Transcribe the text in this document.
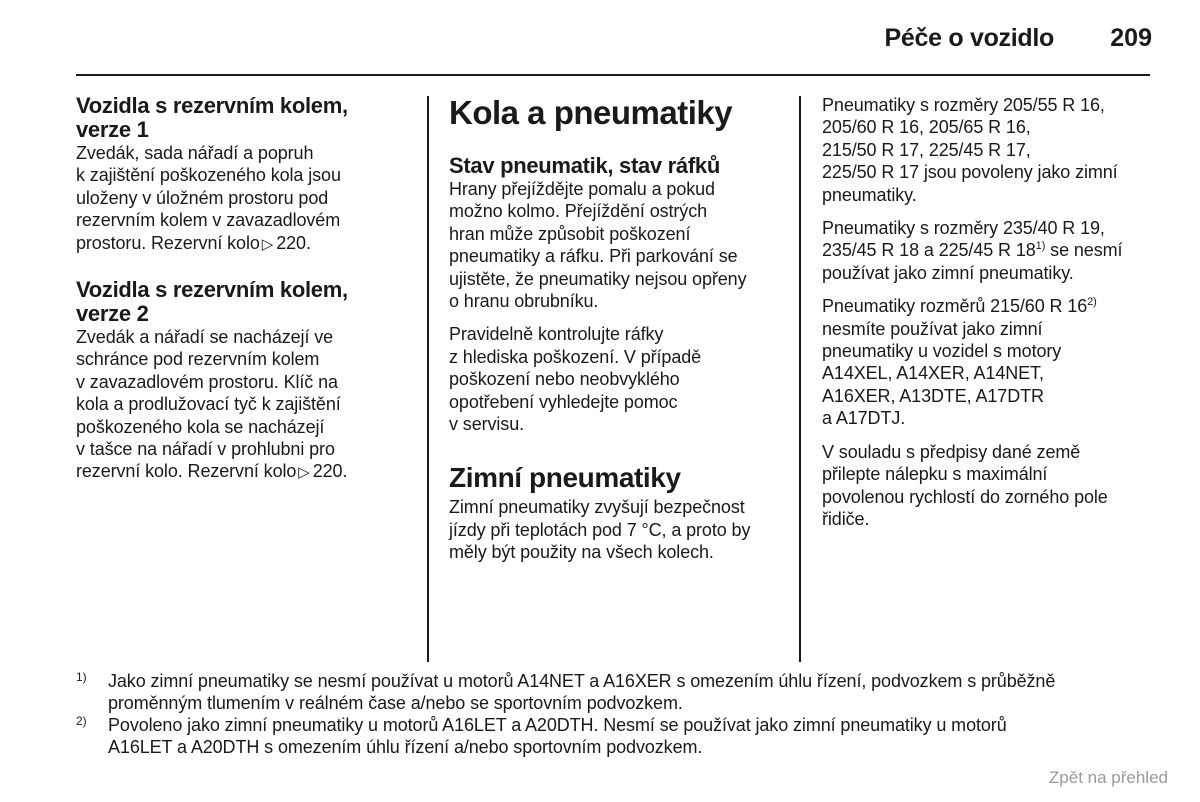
Péče o vozidlo 209
Vozidla s rezervním kolem,
verze 1
Zvedák, sada nářadí a popruh
k zajištění poškozeného kola jsou
uloženy v úložném prostoru pod
rezervním kolem v zavazadlovém
prostoru. Rezervní kolo ▷ 220.
Vozidla s rezervním kolem,
verze 2
Zvedák a nářadí se nacházejí ve
schránce pod rezervním kolem
v zavazadlovém prostoru. Klíč na
kola a prodlužovací tyč k zajištění
poškozeného kola se nacházejí
v tašce na nářadí v prohlubni pro
rezervní kolo. Rezervní kolo ▷ 220.
Kola a pneumatiky
Stav pneumatik, stav ráfků

Hrany přejíždějte pomalu a pokud
možno kolmo. Přejíždění ostrých
hran může způsobit poškození
pneumatiky a ráfku. Při parkování se
ujistěte, že pneumatiky nejsou opřeny
o hranu obrubníku.

Pravidelně kontrolujte ráfky
z hlediska poškození. V případě
poškození nebo neobvyklého
opotřebení vyhledejte pomoc
v servisu.

Zimní pneumatiky

Zimní pneumatiky zvyšují bezpečnost
jízdy při teplotách pod 7 °C, a proto by
měly být použity na všech kolech.

Pneumatiky s rozměry 205/55 R 16,
205/60 R 16, 205/65 R 16,
215/50 R 17, 225/45 R 17,
225/50 R 17 jsou povoleny jako zimní
pneumatiky.

Pneumatiky s rozměry 235/40 R 19,
235/45 R 18 a 225/45 R 18$^{1)}$ se nesmí
používat jako zimní pneumatiky.

Pneumatiky rozměrů 215/60 R 16$^{2)}$
nesmíte používat jako zimní
pneumatiky u vozidel s motory
A14XEL, A14XER, A14NET,
A16XER, A13DTE, A17DTR
a A17DTJ.

V souladu s předpisy dané země
přilepte nálepku s maximální
povolenou rychlostí do zorného pole
řidiče.

1) Jako zimní pneumatiky se nesmí používat u motorů A14NET a A16XER s omezením úhlu řízení, podvozkem s průběžně
proměnným tlumením v reálném čase a/nebo se sportovním podvozkem.
2) Povoleno jako zimní pneumatiky u motorů A16LET a A20DTH. Nesmí se používat jako zimní pneumatiky u motorů
A16LET a A20DTH s omezením úhlu řízení a/nebo sportovním podvozkem.
Zpět na přehled
